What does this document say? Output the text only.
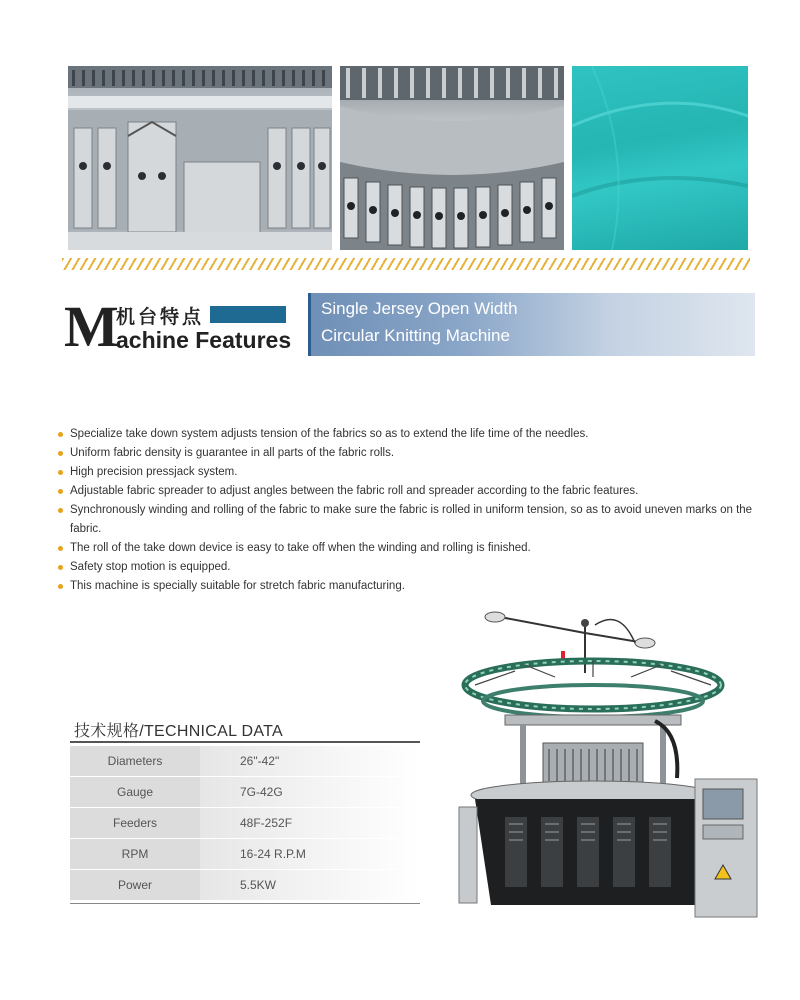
M
机台特点
achine Features
Single Jersey Open Width
Circular Knitting Machine
Specialize take down system adjusts tension of the fabrics so as to extend the life time of the needles.
Uniform fabric density is guarantee in all parts of the fabric rolls.
High precision pressjack system.
Adjustable fabric spreader to adjust angles between the fabric roll and spreader according to the fabric features.
Synchronously winding and rolling of the fabric to make sure the fabric is rolled in uniform tension, so as to avoid uneven marks on the fabric.
The roll of the take down device is easy to take off when the winding and rolling is finished.
Safety stop motion is equipped.
This machine is specially suitable for stretch fabric manufacturing.
技术规格/TECHNICAL DATA
Diameters	26"-42"
Gauge	7G-42G
Feeders	48F-252F
RPM	16-24 R.P.M
Power	5.5KW
